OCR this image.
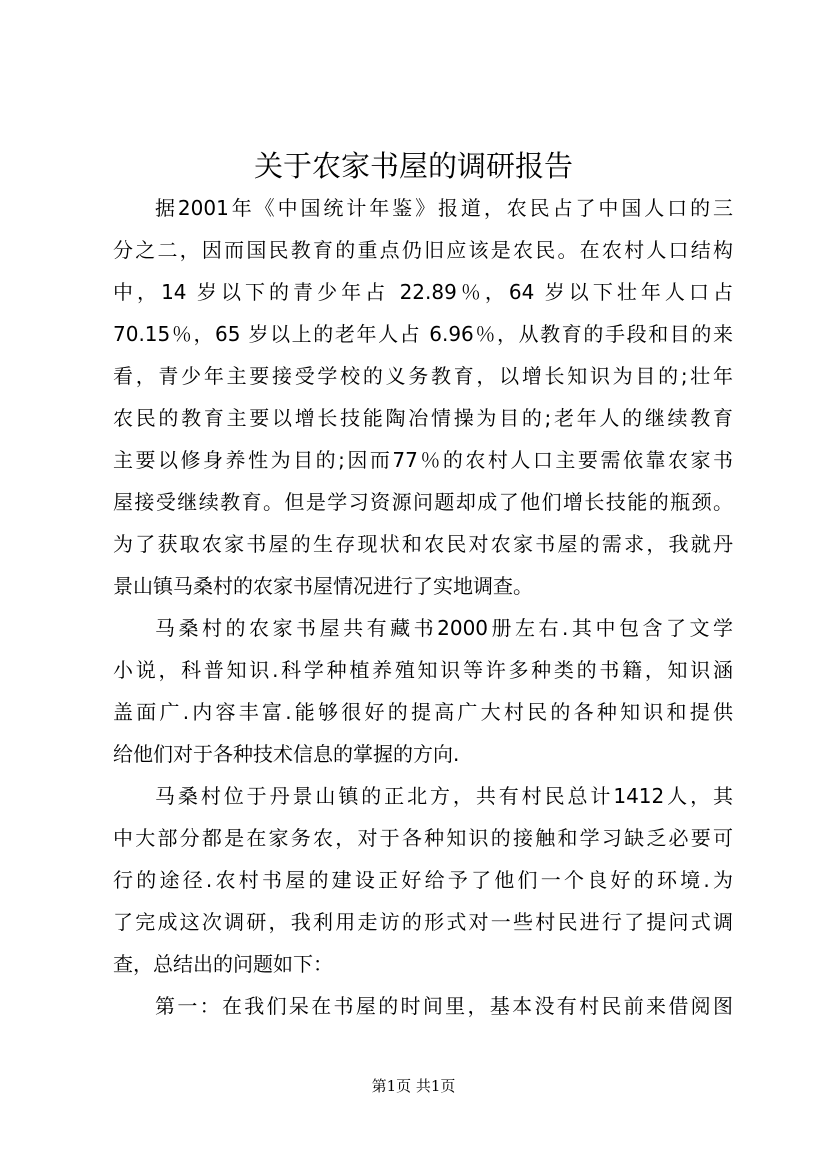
关于农家书屋的调研报告
据2001年《中国统计年鉴》报道，农民占了中国人口的三
分之二，因而国民教育的重点仍旧应该是农民。在农村人口结构
中，14 岁以下的青少年占 22.89％，64 岁以下壮年人口占
70.15％，65 岁以上的老年人占 6.96％，从教育的手段和目的来
看，青少年主要接受学校的义务教育，以增长知识为目的;壮年
农民的教育主要以增长技能陶冶情操为目的;老年人的继续教育
主要以修身养性为目的;因而77％的农村人口主要需依靠农家书
屋接受继续教育。但是学习资源问题却成了他们增长技能的瓶颈。
为了获取农家书屋的生存现状和农民对农家书屋的需求，我就丹
景山镇马桑村的农家书屋情况进行了实地调查。
马桑村的农家书屋共有藏书2000册左右.其中包含了文学
小说，科普知识.科学种植养殖知识等许多种类的书籍，知识涵
盖面广.内容丰富.能够很好的提高广大村民的各种知识和提供
给他们对于各种技术信息的掌握的方向.
马桑村位于丹景山镇的正北方，共有村民总计1412人，其
中大部分都是在家务农，对于各种知识的接触和学习缺乏必要可
行的途径.农村书屋的建设正好给予了他们一个良好的环境.为
了完成这次调研，我利用走访的形式对一些村民进行了提问式调
查，总结出的问题如下：
第一：在我们呆在书屋的时间里，基本没有村民前来借阅图
第1页 共1页
